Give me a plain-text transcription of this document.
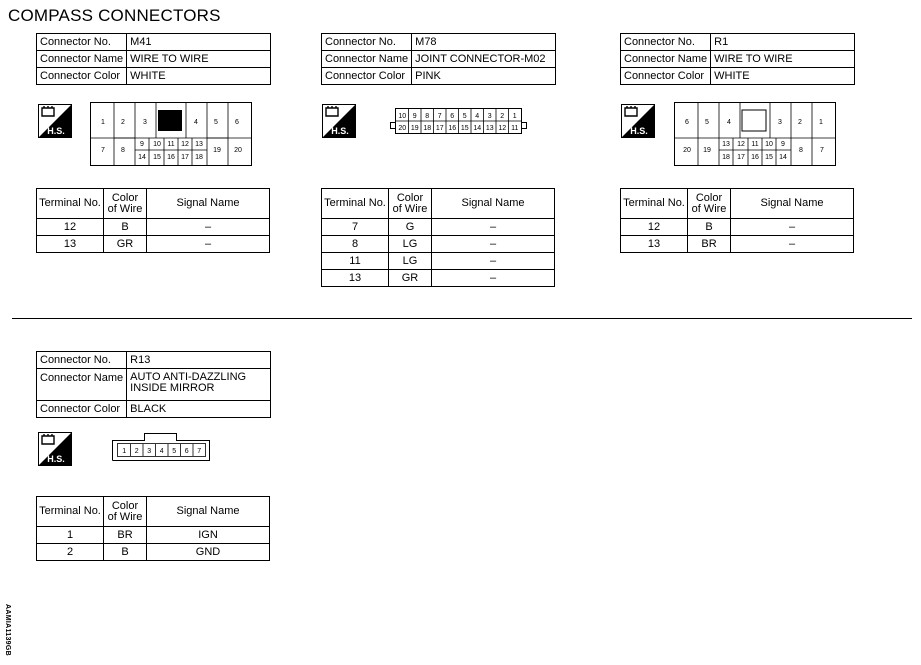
COMPASS CONNECTORS
Connector No.	M41
Connector Name	WIRE TO WIRE
Connector Color	WHITE
H.S.
1 2	3	4 5 6
7 8	19 20
9 10 11 12 13
14 15 16 17 18
Terminal No.	Color of Wire	Signal Name
12	B	–
13	GR	–
Connector No.	M78
Connector Name	JOINT CONNECTOR-M02
Connector Color	PINK
H.S.
10 9 8 7 6 5 4 3 2 1
20 19 18 17 16 15 14 13 12 11
Terminal No.	Color of Wire	Signal Name
7	G	–
8	LG	–
11	LG	–
13	GR	–
Connector No.	R1
Connector Name	WIRE TO WIRE
Connector Color	WHITE
H.S.
6 5	4	3 2 1
20 19	8 7
13 12 11 10 9
18 17 16 15 14
Terminal No.	Color of Wire	Signal Name
12	B	–
13	BR	–
Connector No.	R13
Connector Name	AUTO ANTI-DAZZLING
INSIDE MIRROR
Connector Color	BLACK
H.S.
1 2 3 4 5 6 7
Terminal No.	Color of Wire	Signal Name
1	BR	IGN
2	B	GND
AAMIA1139GB
